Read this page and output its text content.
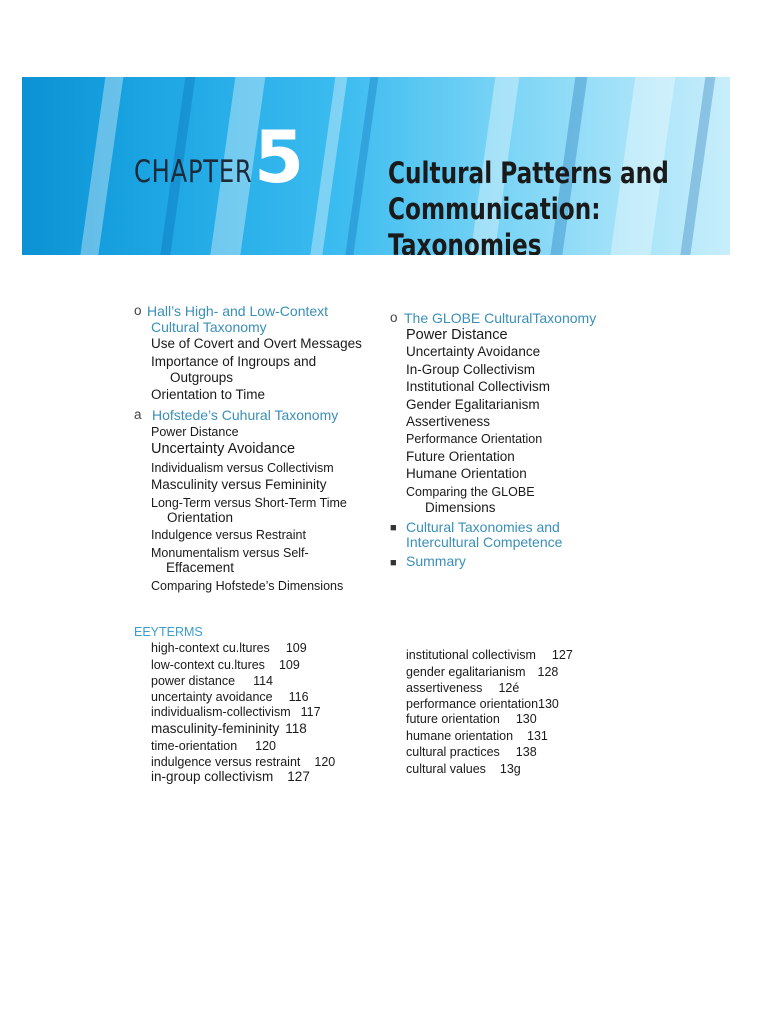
CHAPTER 5	Cultural Patterns and
Communication:
Taxonomies
o Hall’s High- and Low-Context
Cultural Taxonomy
Use of Covert and Overt Messages
Importance of Ingroups and
Outgroups
Orientation to Time
a Hofstede’s Cuhural Taxonomy
Power Distance
Uncertainty Avoidance
Individualism versus Collectivism
Masculinity versus Femininity
Long-Term versus Short-Term Time
Orientation
Indulgence versus Restraint
Monumentalism versus Self-
Effacement
Comparing Hofstede’s Dimensions
o The GLOBE CulturalTaxonomy
Power Distance
Uncertainty Avoidance
In-Group Collectivism
Institutional Collectivism
Gender Egalitarianism
Assertiveness
Performance Orientation
Future Orientation
Humane Orientation
Comparing the GLOBE
Dimensions
■ Cultural Taxonomies and
Intercultural Competence
■ Summary
EEYTERMS
high-context cu.ltures 109
low-context cu.ltures 109
power distance 114
uncertainty avoidance 116
individualism-collectivism 117
masculinity-femininity 118
time-orientation 120
indulgence versus restraint 120
in-group collectivism 127
institutional collectivism 127
gender egalitarianism 128
assertiveness 12é
performance orientation130
future orientation 130
humane orientation 131
cultural practices 138
cultural values 13g
